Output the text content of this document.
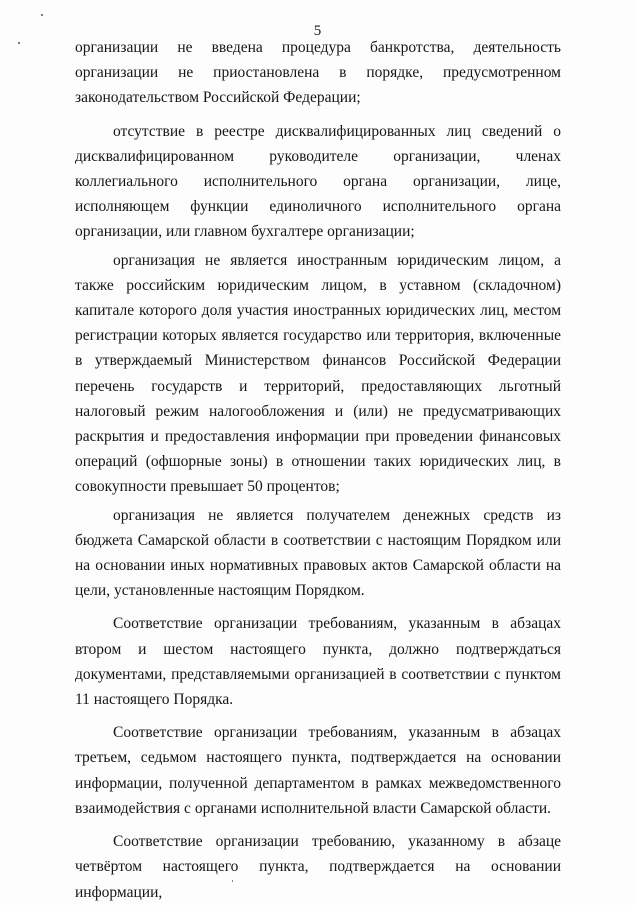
5

организации не введена процедура банкротства, деятельность организации не приостановлена в порядке, предусмотренном законодательством Российской Федерации;

отсутствие в реестре дисквалифицированных лиц сведений о дисквалифицированном руководителе организации, членах коллегиального исполнительного органа организации, лице, исполняющем функции единоличного исполнительного органа организации, или главном бухгалтере организации;

организация не является иностранным юридическим лицом, а также российским юридическим лицом, в уставном (складочном) капитале которого доля участия иностранных юридических лиц, местом регистрации которых является государство или территория, включенные в утверждаемый Министерством финансов Российской Федерации перечень государств и территорий, предоставляющих льготный налоговый режим налогообложения и (или) не предусматривающих раскрытия и предоставления информации при проведении финансовых операций (офшорные зоны) в отношении таких юридических лиц, в совокупности превышает 50 процентов;

организация не является получателем денежных средств из бюджета Самарской области в соответствии с настоящим Порядком или на основании иных нормативных правовых актов Самарской области на цели, установленные настоящим Порядком.

Соответствие организации требованиям, указанным в абзацах втором и шестом настоящего пункта, должно подтверждаться документами, представляемыми организацией в соответствии с пунктом 11 настоящего Порядка.

Соответствие организации требованиям, указанным в абзацах третьем, седьмом настоящего пункта, подтверждается на основании информации, полученной департаментом в рамках межведомственного взаимодействия с органами исполнительной власти Самарской области.

Соответствие организации требованию, указанному в абзаце четвёртом настоящего пункта, подтверждается на основании информации,
